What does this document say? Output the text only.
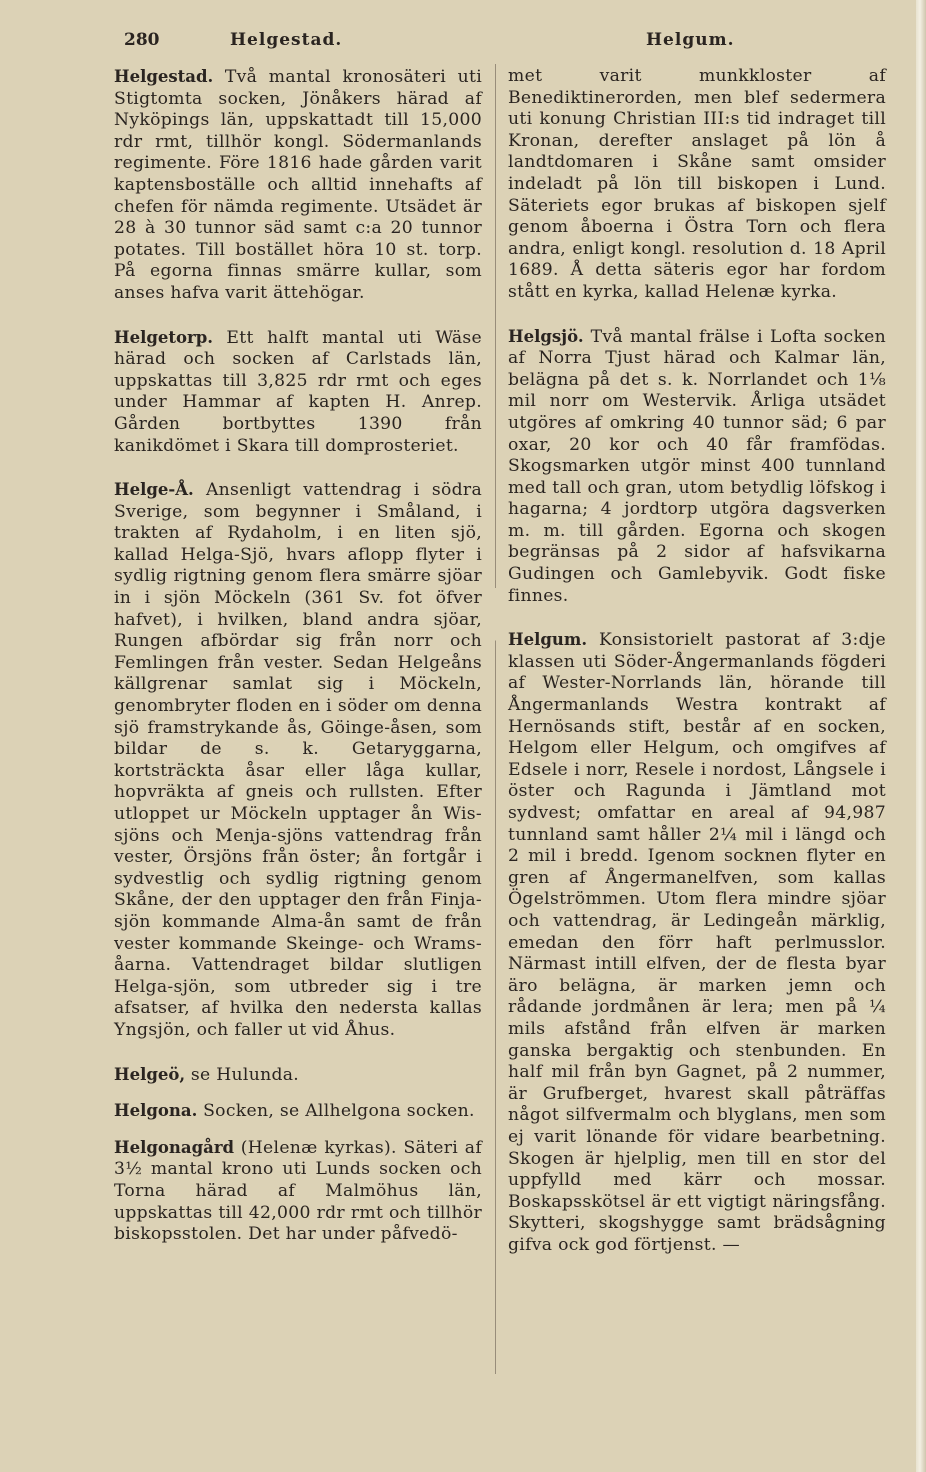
280	Helgestad.	Helgum.

Helgestad. Två mantal kronosäteri uti Stigtomta socken, Jönåkers härad af Nyköpings län, uppskattadt till 15,000 rdr rmt, tillhör kongl. Södermanlands regimente. Före 1816 hade gården varit kaptensboställe och alltid innehafts af chefen för nämda regimente. Utsädet är 28 à 30 tunnor säd samt c:a 20 tunnor potates. Till bostället höra 10 st. torp. På egorna finnas smärre kullar, som anses hafva varit ättehögar.

Helgetorp. Ett halft mantal uti Wäse härad och socken af Carlstads län, uppskattas till 3,825 rdr rmt och eges under Hammar af kapten H. Anrep. Gården bortbyttes 1390 från kanikdömet i Skara till domprosteriet.

Helge-Å. Ansenligt vattendrag i södra Sverige, som begynner i Småland, i trakten af Rydaholm, i en liten sjö, kallad Helga-Sjö, hvars aflopp flyter i sydlig rigtning genom flera smärre sjöar in i sjön Möckeln (361 Sv. fot öfver hafvet), i hvilken, bland andra sjöar, Rungen afbördar sig från norr och Femlingen från vester. Sedan Helgeåns källgrenar samlat sig i Möckeln, genombryter floden en i söder om denna sjö framstrykande ås, Göinge-åsen, som bildar de s. k. Getaryggarna, kortsträckta åsar eller låga kullar, hopvräkta af gneis och rullsten. Efter utloppet ur Möckeln upptager ån Wis-sjöns och Menja-sjöns vattendrag från vester, Örsjöns från öster; ån fortgår i sydvestlig och sydlig rigtning genom Skåne, der den upptager den från Finja-sjön kommande Alma-ån samt de från vester kommande Skeinge- och Wrams-åarna. Vattendraget bildar slutligen Helga-sjön, som utbreder sig i tre afsatser, af hvilka den nedersta kallas Yngsjön, och faller ut vid Åhus.

Helgeö, se Hulunda.

Helgona. Socken, se Allhelgona socken.

Helgonagård (Helenæ kyrkas). Säteri af 3½ mantal krono uti Lunds socken och Torna härad af Malmöhus län, uppskattas till 42,000 rdr rmt och tillhör biskopsstolen. Det har under påfvedö-

met varit munkkloster af Benediktinerorden, men blef sedermera uti konung Christian III:s tid indraget till Kronan, derefter anslaget på lön å landtdomaren i Skåne samt omsider indeladt på lön till biskopen i Lund. Säteriets egor brukas af biskopen sjelf genom åboerna i Östra Torn och flera andra, enligt kongl. resolution d. 18 April 1689. Å detta säteris egor har fordom stått en kyrka, kallad Helenæ kyrka.

Helgsjö. Två mantal frälse i Lofta socken af Norra Tjust härad och Kalmar län, belägna på det s. k. Norrlandet och 1⅛ mil norr om Westervik. Årliga utsädet utgöres af omkring 40 tunnor säd; 6 par oxar, 20 kor och 40 får framfödas. Skogsmarken utgör minst 400 tunnland med tall och gran, utom betydlig löfskog i hagarna; 4 jordtorp utgöra dagsverken m. m. till gården. Egorna och skogen begränsas på 2 sidor af hafsvikarna Gudingen och Gamlebyvik. Godt fiske finnes.

Helgum. Konsistorielt pastorat af 3:dje klassen uti Söder-Ångermanlands fögderi af Wester-Norrlands län, hörande till Ångermanlands Westra kontrakt af Hernösands stift, består af en socken, Helgom eller Helgum, och omgifves af Edsele i norr, Resele i nordost, Långsele i öster och Ragunda i Jämtland mot sydvest; omfattar en areal af 94,987 tunnland samt håller 2¼ mil i längd och 2 mil i bredd. Igenom socknen flyter en gren af Ångermanelfven, som kallas Ögelströmmen. Utom flera mindre sjöar och vattendrag, är Ledingeån märklig, emedan den förr haft perlmusslor. Närmast intill elfven, der de flesta byar äro belägna, är marken jemn och rådande jordmånen är lera; men på ¼ mils afstånd från elfven är marken ganska bergaktig och stenbunden. En half mil från byn Gagnet, på 2 nummer, är Grufberget, hvarest skall påträffas något silfvermalm och blyglans, men som ej varit lönande för vidare bearbetning. Skogen är hjelplig, men till en stor del uppfylld med kärr och mossar. Boskapsskötsel är ett vigtigt näringsfång. Skytteri, skogshygge samt brädsågning gifva ock god förtjenst. —
